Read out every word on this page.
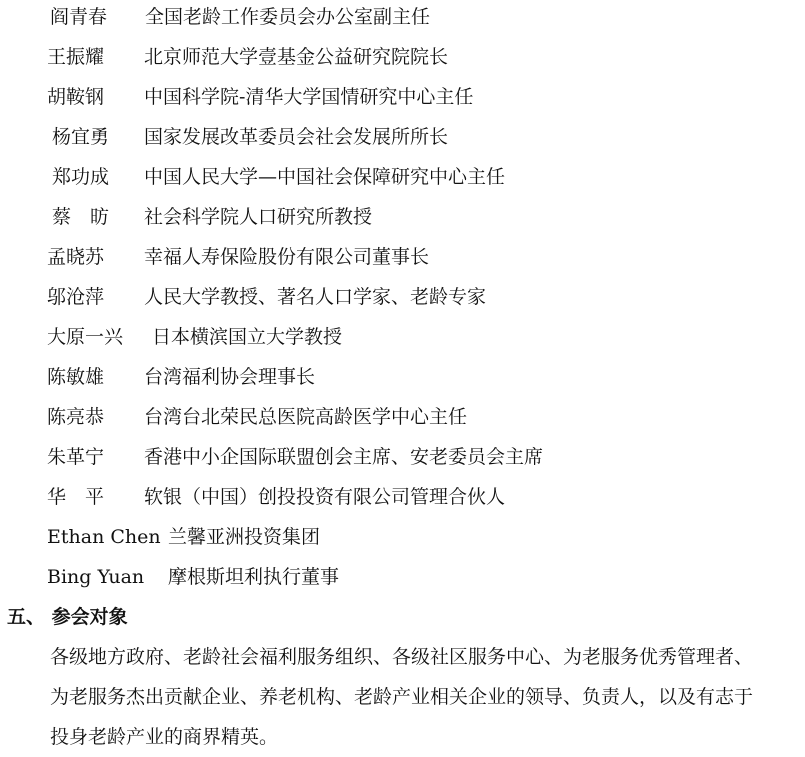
阎青春 全国老龄工作委员会办公室副主任
王振耀 北京师范大学壹基金公益研究院院长
胡鞍钢 中国科学院-清华大学国情研究中心主任
杨宜勇 国家发展改革委员会社会发展所所长
郑功成 中国人民大学—中国社会保障研究中心主任
蔡　昉 社会科学院人口研究所教授
孟晓苏 幸福人寿保险股份有限公司董事长
邬沧萍 人民大学教授、著名人口学家、老龄专家
大原一兴 日本横滨国立大学教授
陈敏雄 台湾福利协会理事长
陈亮恭 台湾台北荣民总医院高龄医学中心主任
朱革宁 香港中小企国际联盟创会主席、安老委员会主席
华　平 软银（中国）创投投资有限公司管理合伙人
Ethan Chen 兰馨亚洲投资集团
Bing Yuan 摩根斯坦利执行董事
五、 参会对象
各级地方政府、老龄社会福利服务组织、各级社区服务中心、为老服务优秀管理者、
为老服务杰出贡献企业、养老机构、老龄产业相关企业的领导、负责人，以及有志于
投身老龄产业的商界精英。
